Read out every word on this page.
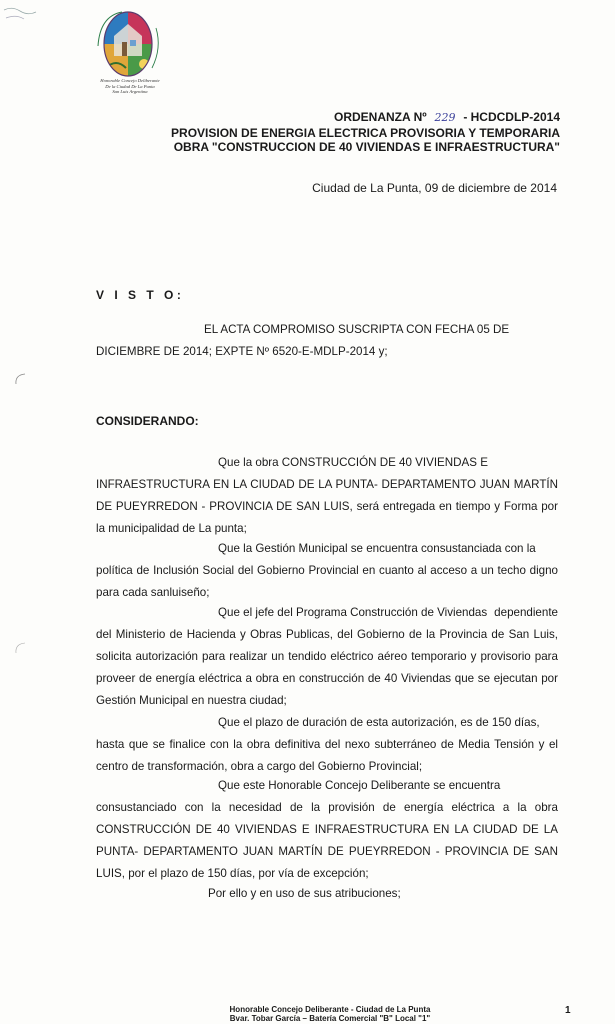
Honorable Concejo Deliberante
De la Ciudad De La Punta
San Luis Argentina
ORDENANZA Nº 229 - HCDCDLP-2014
PROVISION DE ENERGIA ELECTRICA PROVISORIA Y TEMPORARIA
OBRA "CONSTRUCCION DE 40 VIVIENDAS E INFRAESTRUCTURA"
Ciudad de La Punta, 09 de diciembre de 2014
V I S T O:
EL ACTA COMPROMISO SUSCRIPTA CON FECHA 05 DE DICIEMBRE DE 2014; EXPTE Nº 6520-E-MDLP-2014 y;
CONSIDERANDO:
Que la obra CONSTRUCCIÓN DE 40 VIVIENDAS E INFRAESTRUCTURA EN LA CIUDAD DE LA PUNTA- DEPARTAMENTO JUAN MARTÍN DE PUEYRREDON - PROVINCIA DE SAN LUIS, será entregada en tiempo y Forma por la municipalidad de La punta;
Que la Gestión Municipal se encuentra consustanciada con la política de Inclusión Social del Gobierno Provincial en cuanto al acceso a un techo digno para cada sanluiseño;
Que el jefe del Programa Construcción de Viviendas dependiente del Ministerio de Hacienda y Obras Publicas, del Gobierno de la Provincia de San Luis, solicita autorización para realizar un tendido eléctrico aéreo temporario y provisorio para proveer de energía eléctrica a obra en construcción de 40 Viviendas que se ejecutan por Gestión Municipal en nuestra ciudad;
Que el plazo de duración de esta autorización, es de 150 días, hasta que se finalice con la obra definitiva del nexo subterráneo de Media Tensión y el centro de transformación, obra a cargo del Gobierno Provincial;
Que este Honorable Concejo Deliberante se encuentra consustanciado con la necesidad de la provisión de energía eléctrica a la obra CONSTRUCCIÓN DE 40 VIVIENDAS E INFRAESTRUCTURA EN LA CIUDAD DE LA PUNTA- DEPARTAMENTO JUAN MARTÍN DE PUEYRREDON - PROVINCIA DE SAN LUIS, por el plazo de 150 días, por vía de excepción;
Por ello y en uso de sus atribuciones;
Honorable Concejo Deliberante - Ciudad de La Punta
Bvar. Tobar García – Batería Comercial "B" Local "1"
1
